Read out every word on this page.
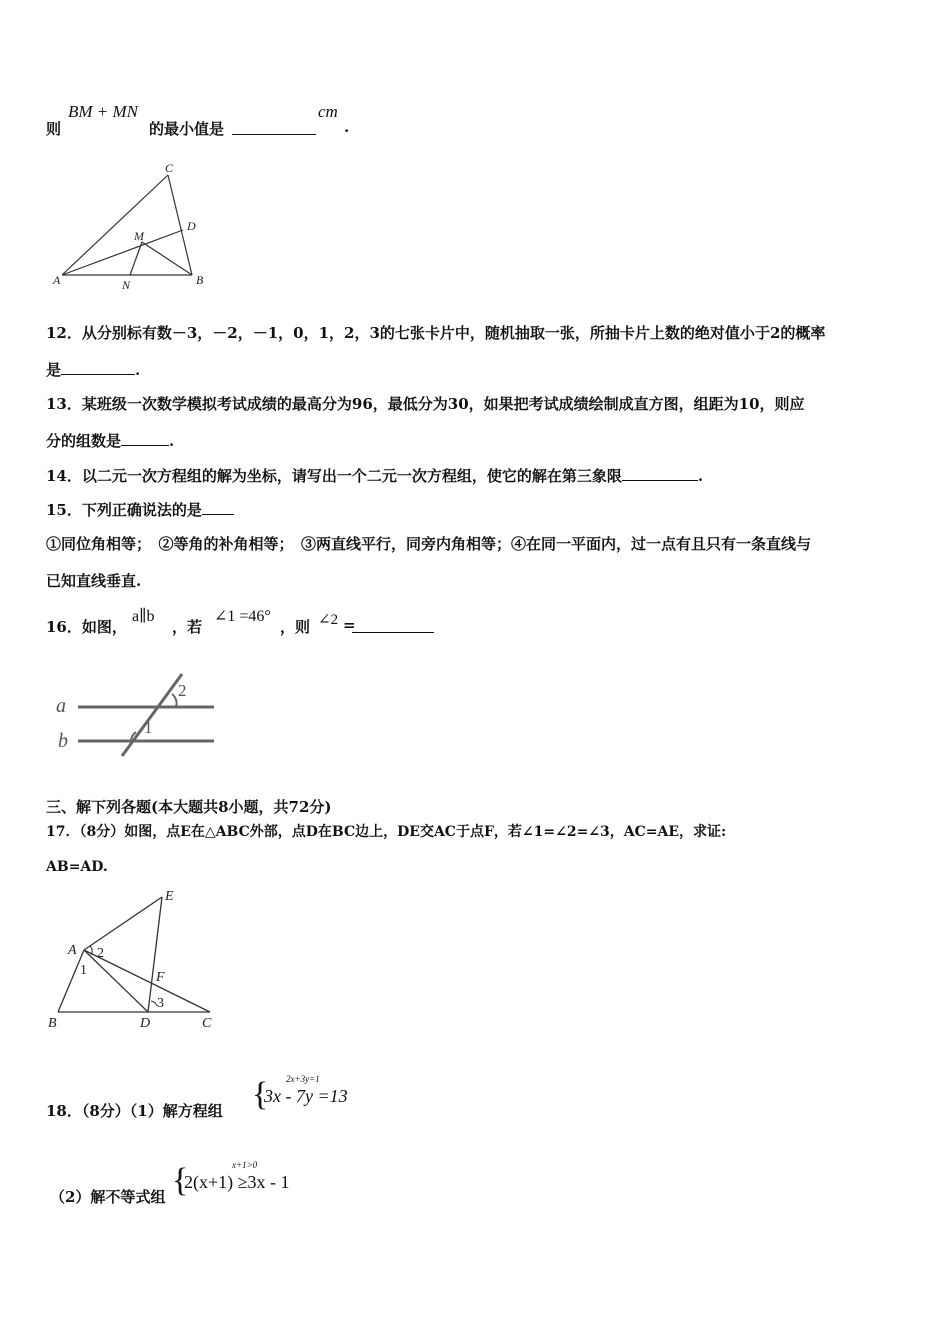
则
BM + MN
的最小值是
cm
.
C
D
M
A	N	B
12．从分别标有数－3，－2，－1，0，1，2，3的七张卡片中，随机抽取一张，所抽卡片上数的绝对值小于2的概率
是	.
13．某班级一次数学模拟考试成绩的最高分为96，最低分为30，如果把考试成绩绘制成直方图，组距为10，则应
分的组数是	.
14．以二元一次方程组的解为坐标，请写出一个二元一次方程组，使它的解在第三象限	.
15．下列正确说法的是
①同位角相等；　②等角的补角相等；　③两直线平行，同旁内角相等；④在同一平面内，过一点有且只有一条直线与
已知直线垂直.
16．如图，
a∥b
，若
∠1 =46°
，则 ∠2 =
a
b
1
2
三、解下列各题(本大题共8小题，共72分)
17．（8分）如图，点E在△ABC外部，点D在BC边上，DE交AC于点F，若∠1=∠2=∠3，AC=AE，求证:
AB=AD.
E
A 2
1	F
3
B	D	C
18．（8分）（1）解方程组 { 2x+3y=1
3x - 7y =13
（2）解不等式组 {	x+1>0
2(x+1) ≥3x - 1
